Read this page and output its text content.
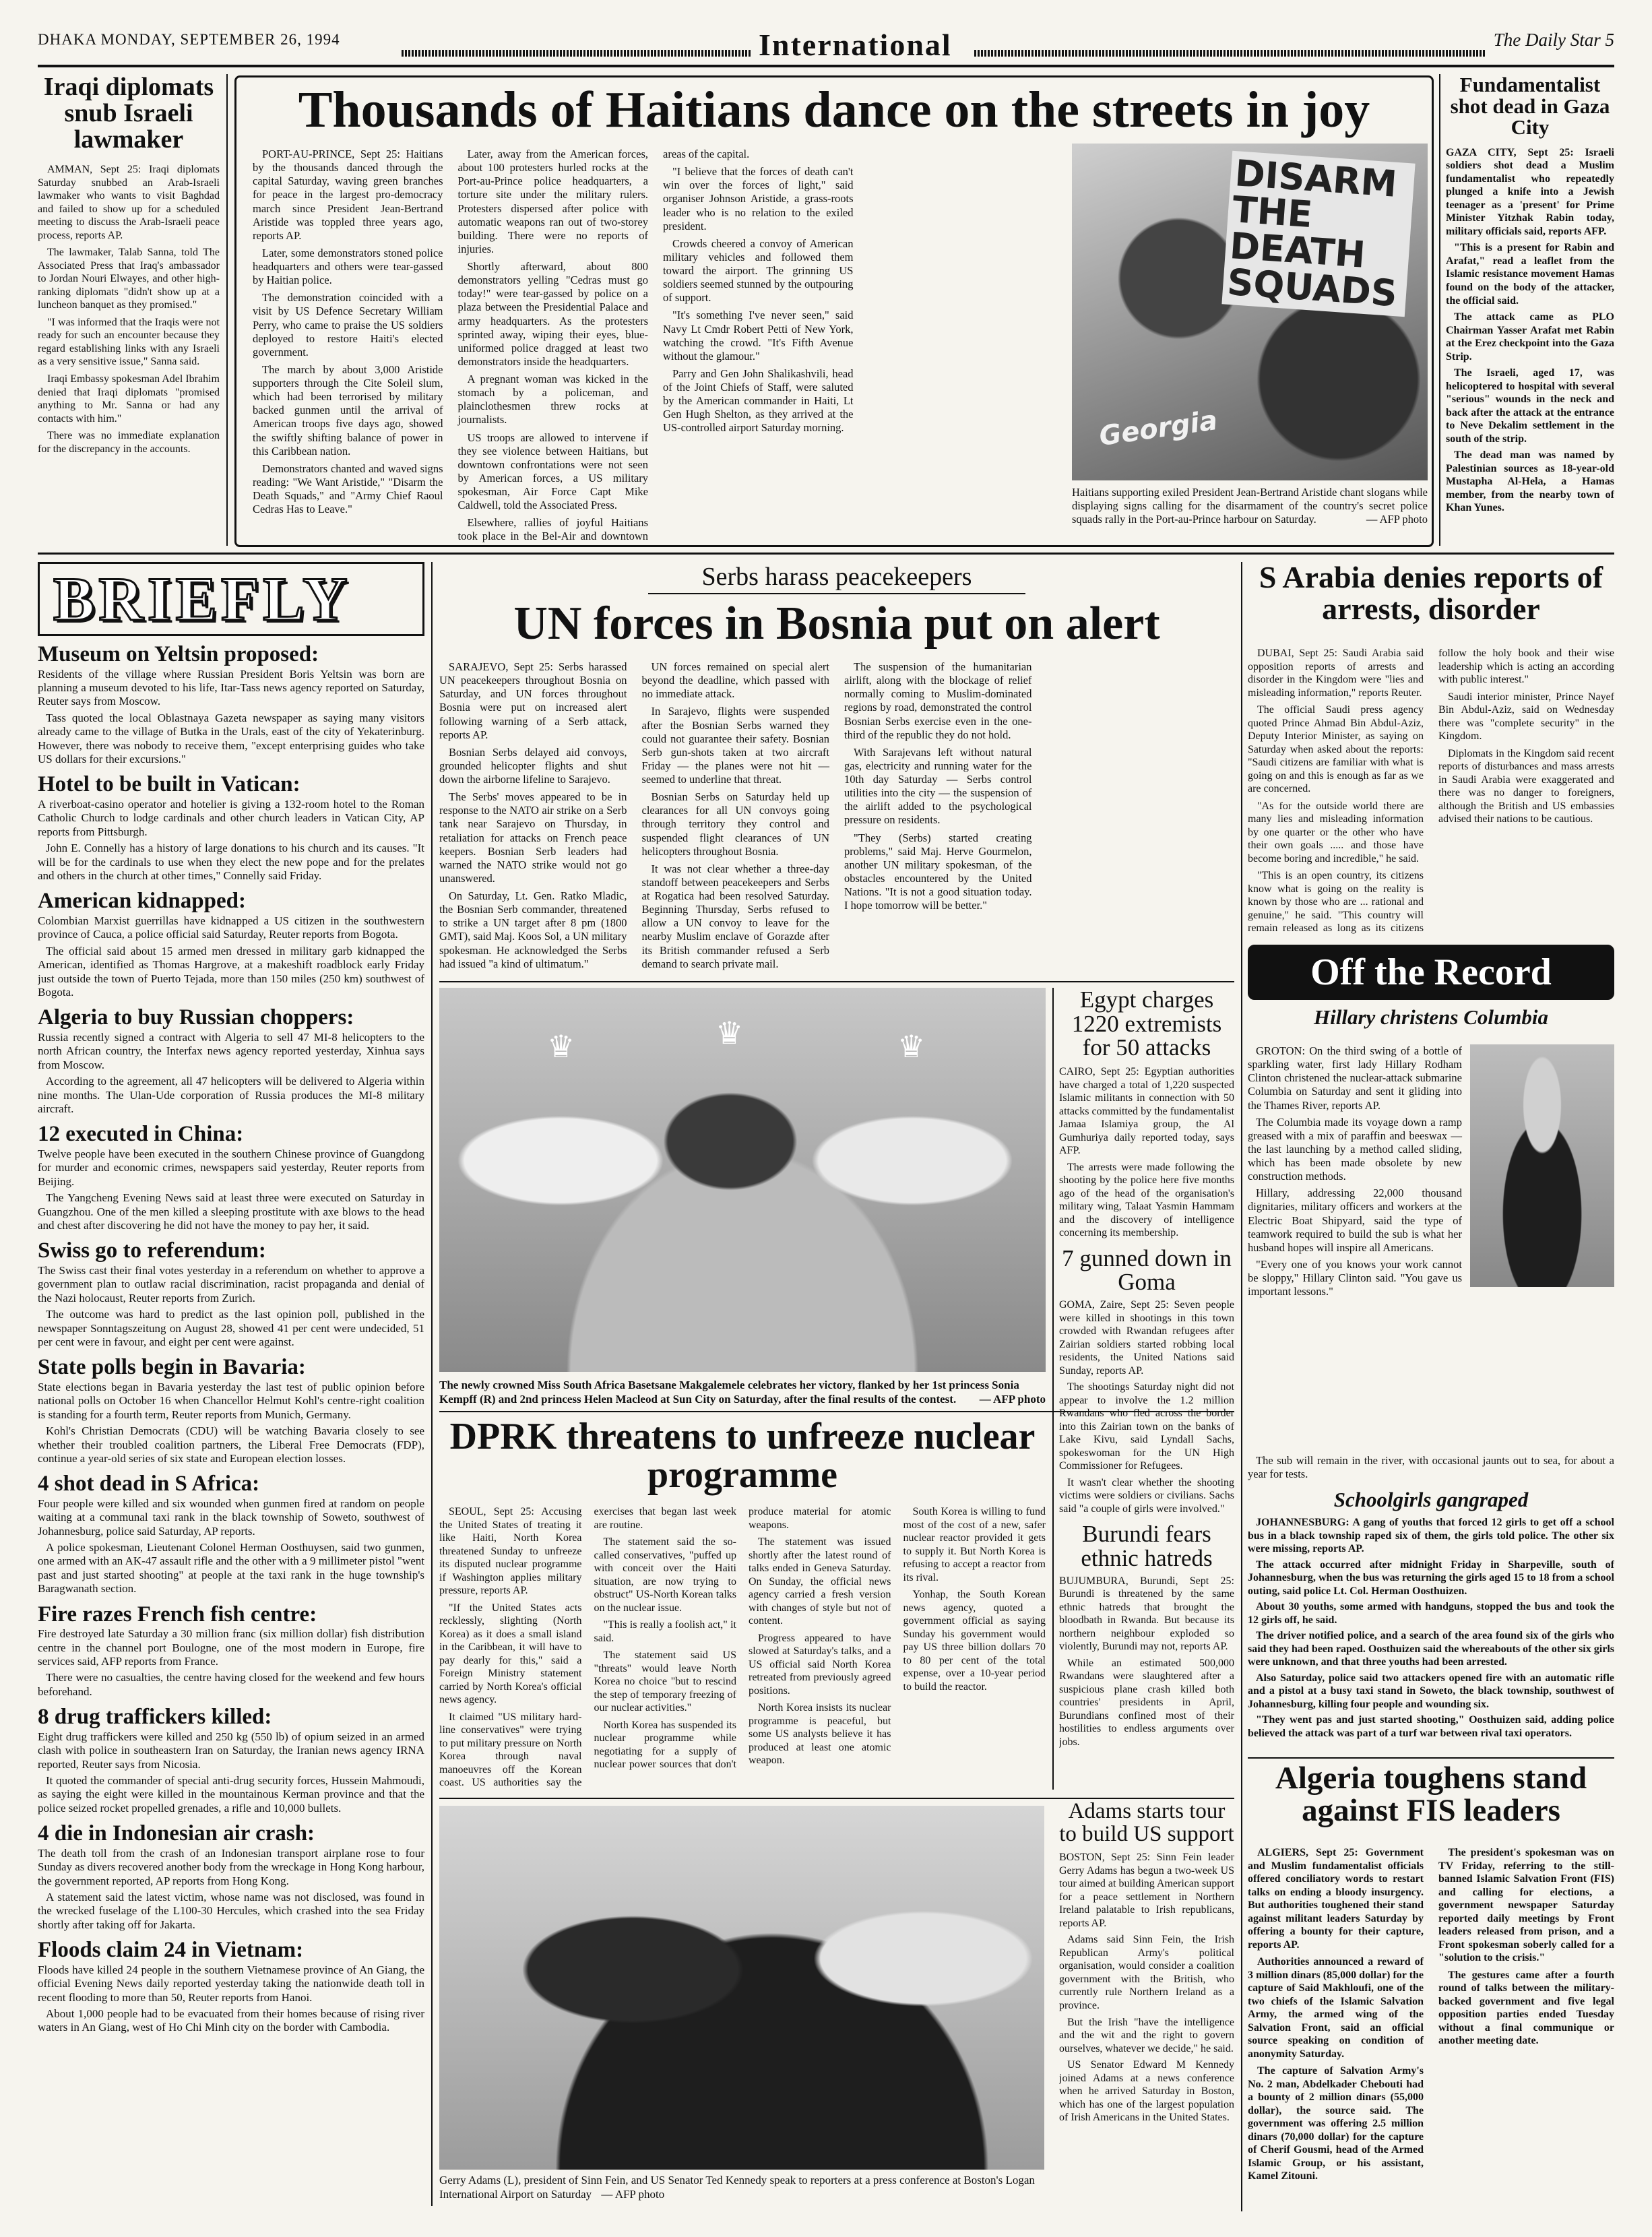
DHAKA MONDAY, SEPTEMBER 26, 1994	International	The Daily Star 5
Iraqi diplomats snub Israeli lawmaker

AMMAN, Sept 25: Iraqi diplomats Saturday snubbed an Arab-Israeli lawmaker who wants to visit Baghdad and failed to show up for a scheduled meeting to discuss the Arab-Israeli peace process, reports AP.

The lawmaker, Talab Sanna, told The Associated Press that Iraq's ambassador to Jordan Nouri Elwayes, and other high-ranking diplomats "didn't show up at a luncheon banquet as they promised."

"I was informed that the Iraqis were not ready for such an encounter because they regard establishing links with any Israeli as a very sensitive issue," Sanna said.

Iraqi Embassy spokesman Adel Ibrahim denied that Iraqi diplomats "promised anything to Mr. Sanna or had any contacts with him."

There was no immediate explanation for the discrepancy in the accounts.

Thousands of Haitians dance on the streets in joy

PORT-AU-PRINCE, Sept 25: Haitians by the thousands danced through the capital Saturday, waving green branches for peace in the largest pro-democracy march since President Jean-Bertrand Aristide was toppled three years ago, reports AP.

Later, some demonstrators stoned police headquarters and others were tear-gassed by Haitian police.

The demonstration coincided with a visit by US Defence Secretary William Perry, who came to praise the US soldiers deployed to restore Haiti's elected government.

The march by about 3,000 Aristide supporters through the Cite Soleil slum, which had been terrorised by military backed gunmen until the arrival of American troops five days ago, showed the swiftly shifting balance of power in this Caribbean nation.

Demonstrators chanted and waved signs reading: "We Want Aristide," "Disarm the Death Squads," and "Army Chief Raoul Cedras Has to Leave."

Later, away from the American forces, about 100 protesters hurled rocks at the Port-au-Prince police headquarters, a torture site under the military rulers. Protesters dispersed after police with automatic weapons ran out of two-storey building. There were no reports of injuries.

Shortly afterward, about 800 demonstrators yelling "Cedras must go today!" were tear-gassed by police on a plaza between the Presidential Palace and army headquarters. As the protesters sprinted away, wiping their eyes, blue-uniformed police dragged at least two demonstrators inside the headquarters.

A pregnant woman was kicked in the stomach by a policeman, and plainclothesmen threw rocks at journalists.

US troops are allowed to intervene if they see violence between Haitians, but downtown confrontations were not seen by American forces, a US military spokesman, Air Force Capt Mike Caldwell, told the Associated Press.

Elsewhere, rallies of joyful Haitians took place in the Bel-Air and downtown areas of the capital.

"I believe that the forces of death can't win over the forces of light," said organiser Johnson Aristide, a grass-roots leader who is no relation to the exiled president.

Crowds cheered a convoy of American military vehicles and followed them toward the airport. The grinning US soldiers seemed stunned by the outpouring of support.

"It's something I've never seen," said Navy Lt Cmdr Robert Petti of New York, watching the crowd. "It's Fifth Avenue without the glamour."

Parry and Gen John Shalikashvili, head of the Joint Chiefs of Staff, were saluted by the American commander in Haiti, Lt Gen Hugh Shelton, as they arrived at the US-controlled airport Saturday morning.

DISARM THE DEATH SQUADS
Georgia

Haitians supporting exiled President Jean-Bertrand Aristide chant slogans while displaying signs calling for the disarmament of the country's secret police squads rally in the Port-au-Prince harbour on Saturday.	— AFP photo

Fundamentalist shot dead in Gaza City

GAZA CITY, Sept 25: Israeli soldiers shot dead a Muslim fundamentalist who repeatedly plunged a knife into a Jewish teenager as a 'present' for Prime Minister Yitzhak Rabin today, military officials said, reports AFP.

"This is a present for Rabin and Arafat," read a leaflet from the Islamic resistance movement Hamas found on the body of the attacker, the official said.

The attack came as PLO Chairman Yasser Arafat met Rabin at the Erez checkpoint into the Gaza Strip.

The Israeli, aged 17, was helicoptered to hospital with several "serious" wounds in the neck and back after the attack at the entrance to Neve Dekalim settlement in the south of the strip.

The dead man was named by Palestinian sources as 18-year-old Mustapha Al-Hela, a Hamas member, from the nearby town of Khan Yunes.

BRIEFLY
Museum on Yeltsin proposed:

Residents of the village where Russian President Boris Yeltsin was born are planning a museum devoted to his life, Itar-Tass news agency reported on Saturday, Reuter says from Moscow.

Tass quoted the local Oblastnaya Gazeta newspaper as saying many visitors already came to the village of Butka in the Urals, east of the city of Yekaterinburg. However, there was nobody to receive them, "except enterprising guides who take US dollars for their excursions."

Hotel to be built in Vatican:

A riverboat-casino operator and hotelier is giving a 132-room hotel to the Roman Catholic Church to lodge cardinals and other church leaders in Vatican City, AP reports from Pittsburgh.

John E. Connelly has a history of large donations to his church and its causes. "It will be for the cardinals to use when they elect the new pope and for the prelates and others in the church at other times," Connelly said Friday.

American kidnapped:

Colombian Marxist guerrillas have kidnapped a US citizen in the southwestern province of Cauca, a police official said Saturday, Reuter reports from Bogota.

The official said about 15 armed men dressed in military garb kidnapped the American, identified as Thomas Hargrove, at a makeshift roadblock early Friday just outside the town of Puerto Tejada, more than 150 miles (250 km) southwest of Bogota.

Algeria to buy Russian choppers:

Russia recently signed a contract with Algeria to sell 47 MI-8 helicopters to the north African country, the Interfax news agency reported yesterday, Xinhua says from Moscow.

According to the agreement, all 47 helicopters will be delivered to Algeria within nine months. The Ulan-Ude corporation of Russia produces the MI-8 military aircraft.

12 executed in China:

Twelve people have been executed in the southern Chinese province of Guangdong for murder and economic crimes, newspapers said yesterday, Reuter reports from Beijing.

The Yangcheng Evening News said at least three were executed on Saturday in Guangzhou. One of the men killed a sleeping prostitute with axe blows to the head and chest after discovering he did not have the money to pay her, it said.

Swiss go to referendum:

The Swiss cast their final votes yesterday in a referendum on whether to approve a government plan to outlaw racial discrimination, racist propaganda and denial of the Nazi holocaust, Reuter reports from Zurich.

The outcome was hard to predict as the last opinion poll, published in the newspaper Sonntagszeitung on August 28, showed 41 per cent were undecided, 51 per cent were in favour, and eight per cent were against.

State polls begin in Bavaria:

State elections began in Bavaria yesterday the last test of public opinion before national polls on October 16 when Chancellor Helmut Kohl's centre-right coalition is standing for a fourth term, Reuter reports from Munich, Germany.

Kohl's Christian Democrats (CDU) will be watching Bavaria closely to see whether their troubled coalition partners, the Liberal Free Democrats (FDP), continue a year-old series of six state and European election losses.

4 shot dead in S Africa:

Four people were killed and six wounded when gunmen fired at random on people waiting at a communal taxi rank in the black township of Soweto, southwest of Johannesburg, police said Saturday, AP reports.

A police spokesman, Lieutenant Colonel Herman Oosthuysen, said two gunmen, one armed with an AK-47 assault rifle and the other with a 9 millimeter pistol "went past and just started shooting" at people at the taxi rank in the huge township's Baragwanath section.

Fire razes French fish centre:

Fire destroyed late Saturday a 30 million franc (six million dollar) fish distribution centre in the channel port Boulogne, one of the most modern in Europe, fire services said, AFP reports from France.

There were no casualties, the centre having closed for the weekend and few hours beforehand.

8 drug traffickers killed:

Eight drug traffickers were killed and 250 kg (550 lb) of opium seized in an armed clash with police in southeastern Iran on Saturday, the Iranian news agency IRNA reported, Reuter says from Nicosia.

It quoted the commander of special anti-drug security forces, Hussein Mahmoudi, as saying the eight were killed in the mountainous Kerman province and that the police seized rocket propelled grenades, a rifle and 10,000 bullets.

4 die in Indonesian air crash:

The death toll from the crash of an Indonesian transport airplane rose to four Sunday as divers recovered another body from the wreckage in Hong Kong harbour, the government reported, AP reports from Hong Kong.

A statement said the latest victim, whose name was not disclosed, was found in the wrecked fuselage of the L100-30 Hercules, which crashed into the sea Friday shortly after taking off for Jakarta.

Floods claim 24 in Vietnam:

Floods have killed 24 people in the southern Vietnamese province of An Giang, the official Evening News daily reported yesterday taking the nationwide death toll in recent flooding to more than 50, Reuter reports from Hanoi.

About 1,000 people had to be evacuated from their homes because of rising river waters in An Giang, west of Ho Chi Minh city on the border with Cambodia.

Serbs harass peacekeepers
UN forces in Bosnia put on alert

SARAJEVO, Sept 25: Serbs harassed UN peacekeepers throughout Bosnia on Saturday, and UN forces throughout Bosnia were put on increased alert following warning of a Serb attack, reports AP.

Bosnian Serbs delayed aid convoys, grounded helicopter flights and shut down the airborne lifeline to Sarajevo.

The Serbs' moves appeared to be in response to the NATO air strike on a Serb tank near Sarajevo on Thursday, in retaliation for attacks on French peace keepers. Bosnian Serb leaders had warned the NATO strike would not go unanswered.

On Saturday, Lt. Gen. Ratko Mladic, the Bosnian Serb commander, threatened to strike a UN target after 8 pm (1800 GMT), said Maj. Koos Sol, a UN military spokesman. He acknowledged the Serbs had issued "a kind of ultimatum."

UN forces remained on special alert beyond the deadline, which passed with no immediate attack.

In Sarajevo, flights were suspended after the Bosnian Serbs warned they could not guarantee their safety. Bosnian Serb gun-shots taken at two aircraft Friday — the planes were not hit — seemed to underline that threat.

Bosnian Serbs on Saturday held up clearances for all UN convoys going through territory they control and suspended flight clearances of UN helicopters throughout Bosnia.

It was not clear whether a three-day standoff between peacekeepers and Serbs at Rogatica had been resolved Saturday. Beginning Thursday, Serbs refused to allow a UN convoy to leave for the nearby Muslim enclave of Gorazde after its British commander refused a Serb demand to search private mail.

The suspension of the humanitarian airlift, along with the blockage of relief normally coming to Muslim-dominated regions by road, demonstrated the control Bosnian Serbs exercise even in the one-third of the republic they do not hold.

With Sarajevans left without natural gas, electricity and running water for the 10th day Saturday — Serbs control utilities into the city — the suspension of the airlift added to the psychological pressure on residents.

"They (Serbs) started creating problems," said Maj. Herve Gourmelon, another UN military spokesman, of the obstacles encountered by the United Nations. "It is not a good situation today. I hope tomorrow will be better."

S Arabia denies reports of arrests, disorder

DUBAI, Sept 25: Saudi Arabia said opposition reports of arrests and disorder in the Kingdom were "lies and misleading information," reports Reuter.

The official Saudi press agency quoted Prince Ahmad Bin Abdul-Aziz, Deputy Interior Minister, as saying on Saturday when asked about the reports: "Saudi citizens are familiar with what is going on and this is enough as far as we are concerned.

"As for the outside world there are many lies and misleading information by one quarter or the other who have their own goals ..... and those have become boring and incredible," he said.

"This is an open country, its citizens know what is going on the reality is known by those who are ... rational and genuine," he said. "This country will remain released as long as its citizens follow the holy book and their wise leadership which is acting an according with public interest."

Saudi interior minister, Prince Nayef Bin Abdul-Aziz, said on Wednesday there was "complete security" in the Kingdom.

Diplomats in the Kingdom said recent reports of disturbances and mass arrests in Saudi Arabia were exaggerated and there was no danger to foreigners, although the British and US embassies advised their nations to be cautious.

♛	♛	♛

The newly crowned Miss South Africa Basetsane Makgalemele celebrates her victory, flanked by her 1st princess Sonia Kempff (R) and 2nd princess Helen Macleod at Sun City on Saturday, after the final results of the contest. — AFP photo

Egypt charges 1220 extremists for 50 attacks

CAIRO, Sept 25: Egyptian authorities have charged a total of 1,220 suspected Islamic militants in connection with 50 attacks committed by the fundamentalist Jamaa Islamiya group, the Al Gumhuriya daily reported today, says AFP.

The arrests were made following the shooting by the police here five months ago of the head of the organisation's military wing, Talaat Yasmin Hammam and the discovery of intelligence concerning its membership.

7 gunned down in Goma

GOMA, Zaire, Sept 25: Seven people were killed in shootings in this town crowded with Rwandan refugees after Zairian soldiers started robbing local residents, the United Nations said Sunday, reports AP.

The shootings Saturday night did not appear to involve the 1.2 million Rwandans who fled across the border into this Zairian town on the banks of Lake Kivu, said Lyndall Sachs, spokeswoman for the UN High Commissioner for Refugees.

It wasn't clear whether the shooting victims were soldiers or civilians. Sachs said "a couple of girls were involved."

Burundi fears ethnic hatreds

BUJUMBURA, Burundi, Sept 25: Burundi is threatened by the same ethnic hatreds that brought the bloodbath in Rwanda. But because its northern neighbour exploded so violently, Burundi may not, reports AP.

While an estimated 500,000 Rwandans were slaughtered after a suspicious plane crash killed both countries' presidents in April, Burundians confined most of their hostilities to endless arguments over jobs.

Off the Record
Hillary christens Columbia

GROTON: On the third swing of a bottle of sparkling water, first lady Hillary Rodham Clinton christened the nuclear-attack submarine Columbia on Saturday and sent it gliding into the Thames River, reports AP.

The Columbia made its voyage down a ramp greased with a mix of paraffin and beeswax — the last launching by a method called sliding, which has been made obsolete by new construction methods.

Hillary, addressing 22,000 thousand dignitaries, military officers and workers at the Electric Boat Shipyard, said the type of teamwork required to build the sub is what her husband hopes will inspire all Americans.

"Every one of you knows your work cannot be sloppy," Hillary Clinton said. "You gave us important lessons."

The sub will remain in the river, with occasional jaunts out to sea, for about a year for tests.

Schoolgirls gangraped

JOHANNESBURG: A gang of youths that forced 12 girls to get off a school bus in a black township raped six of them, the girls told police. The other six were missing, reports AP.

The attack occurred after midnight Friday in Sharpeville, south of Johannesburg, when the bus was returning the girls aged 15 to 18 from a school outing, said police Lt. Col. Herman Oosthuizen.

About 30 youths, some armed with handguns, stopped the bus and took the 12 girls off, he said.

The driver notified police, and a search of the area found six of the girls who said they had been raped. Oosthuizen said the whereabouts of the other six girls were unknown, and that three youths had been arrested.

Also Saturday, police said two attackers opened fire with an automatic rifle and a pistol at a busy taxi stand in Soweto, the black township, southwest of Johannesburg, killing four people and wounding six.

"They went pas and just started shooting," Oosthuizen said, adding police believed the attack was part of a turf war between rival taxi operators.

DPRK threatens to unfreeze nuclear programme

SEOUL, Sept 25: Accusing the United States of treating it like Haiti, North Korea threatened Sunday to unfreeze its disputed nuclear programme if Washington applies military pressure, reports AP.

"If the United States acts recklessly, slighting (North Korea) as it does a small island in the Caribbean, it will have to pay dearly for this," said a Foreign Ministry statement carried by North Korea's official news agency.

It claimed "US military hard-line conservatives" were trying to put military pressure on North Korea through naval manoeuvres off the Korean coast. US authorities say the exercises that began last week are routine.

The statement said the so-called conservatives, "puffed up with conceit over the Haiti situation, are now trying to obstruct" US-North Korean talks on the nuclear issue.

"This is really a foolish act," it said.

The statement said US "threats" would leave North Korea no choice "but to rescind the step of temporary freezing of our nuclear activities."

North Korea has suspended its nuclear programme while negotiating for a supply of nuclear power sources that don't produce material for atomic weapons.

The statement was issued shortly after the latest round of talks ended in Geneva Saturday. On Sunday, the official news agency carried a fresh version with changes of style but not of content.

Progress appeared to have slowed at Saturday's talks, and a US official said North Korea retreated from previously agreed positions.

North Korea insists its nuclear programme is peaceful, but some US analysts believe it has produced at least one atomic weapon.

South Korea is willing to fund most of the cost of a new, safer nuclear reactor provided it gets to supply it. But North Korea is refusing to accept a reactor from its rival.

Yonhap, the South Korean news agency, quoted a government official as saying Sunday his government would pay US three billion dollars 70 to 80 per cent of the total expense, over a 10-year period to build the reactor.

Gerry Adams (L), president of Sinn Fein, and US Senator Ted Kennedy speak to reporters at a press conference at Boston's Logan International Airport on Saturday — AFP photo

Adams starts tour to build US support

BOSTON, Sept 25: Sinn Fein leader Gerry Adams has begun a two-week US tour aimed at building American support for a peace settlement in Northern Ireland palatable to Irish republicans, reports AP.

Adams said Sinn Fein, the Irish Republican Army's political organisation, would consider a coalition government with the British, who currently rule Northern Ireland as a province.

But the Irish "have the intelligence and the wit and the right to govern ourselves, whatever we decide," he said.

US Senator Edward M Kennedy joined Adams at a news conference when he arrived Saturday in Boston, which has one of the largest population of Irish Americans in the United States.

Algeria toughens stand against FIS leaders

ALGIERS, Sept 25: Government and Muslim fundamentalist officials offered conciliatory words to restart talks on ending a bloody insurgency. But authorities toughened their stand against militant leaders Saturday by offering a bounty for their capture, reports AP.

Authorities announced a reward of 3 million dinars (85,000 dollar) for the capture of Said Makhloufi, one of the two chiefs of the Islamic Salvation Army, the armed wing of the Salvation Front, said an official source speaking on condition of anonymity Saturday.

The capture of Salvation Army's No. 2 man, Abdelkader Chebouti had a bounty of 2 million dinars (55,000 dollar), the source said. The government was offering 2.5 million dinars (70,000 dollar) for the capture of Cherif Gousmi, head of the Armed Islamic Group, or his assistant, Kamel Zitouni.

The president's spokesman was on TV Friday, referring to the still-banned Islamic Salvation Front (FIS) and calling for elections, a government newspaper Saturday reported daily meetings by Front leaders released from prison, and a Front spokesman soberly called for a "solution to the crisis."

The gestures came after a fourth round of talks between the military-backed government and five legal opposition parties ended Tuesday without a final communique or another meeting date.
